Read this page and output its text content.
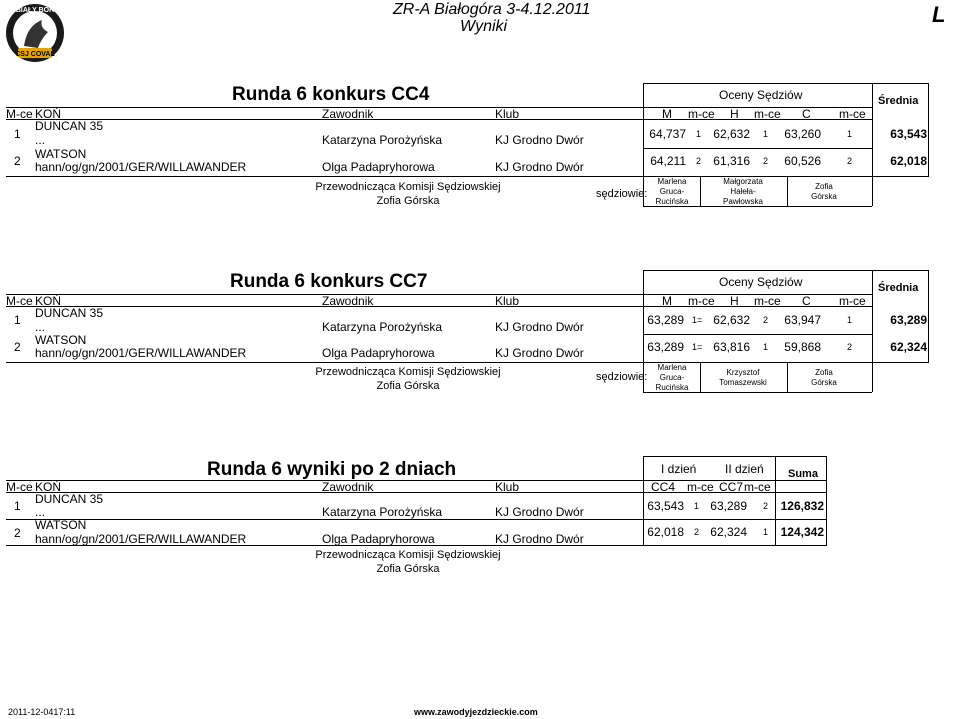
CSJ COVAL
BIAŁY BÓR	ZR-A Białogóra 3-4.12.2011
Wyniki	L
Runda 6 konkurs CC4	Oceny Sędziów	Średnia
M-ce KOŃ	Zawodnik	Klub	M m-ce H m-ce C m-ce
1
DUNCAN 35
...	Katarzyna Porożyńska	KJ Grodno Dwór	64,737 1	62,632 1	63,260	1	63,543
2 WATSON
hann/og/gn/2001/GER/WILLAWANDER	Olga Padapryhorowa	KJ Grodno Dwór	64,211 2	61,316 2	60,526	2	62,018
Przewodnicząca Komisji Sędziowskiej
Zofia Górska
sędziowie:
Marlena
Gruca-
Rucińska
Małgorzata
Hałeła-
Pawłowska
Zofia
Górska
Runda 6 konkurs CC7	Oceny Sędziów	Średnia
M-ce KOŃ	Zawodnik	Klub	M m-ce H m-ce C m-ce
1 DUNCAN 35
...	Katarzyna Porożyńska	KJ Grodno Dwór	63,289 1= 62,632 2	63,947	1	63,289
2 WATSON
hann/og/gn/2001/GER/WILLAWANDER	Olga Padapryhorowa	KJ Grodno Dwór	63,289 1= 63,816 1	59,868	2	62,324
Przewodnicząca Komisji Sędziowskiej
Zofia Górska
sędziowie:
Marlena
Gruca-
Rucińska
Krzysztof
Tomaszewski
Zofia
Górska
Runda 6 wyniki po 2 dniach	I dzień II dzień Suma
M-ce KOŃ	Zawodnik	Klub	CC4 m-ce CC7 m-ce
1 DUNCAN 35
...	Katarzyna Porożyńska	KJ Grodno Dwór	63,543 1 63,289 2	126,832
2
WATSON
hann/og/gn/2001/GER/WILLAWANDER	Olga Padapryhorowa	KJ Grodno Dwór	62,018 2 62,324 1	124,342
Przewodnicząca Komisji Sędziowskiej
Zofia Górska
2011-12-0417:11	www.zawodyjezdzieckie.com
